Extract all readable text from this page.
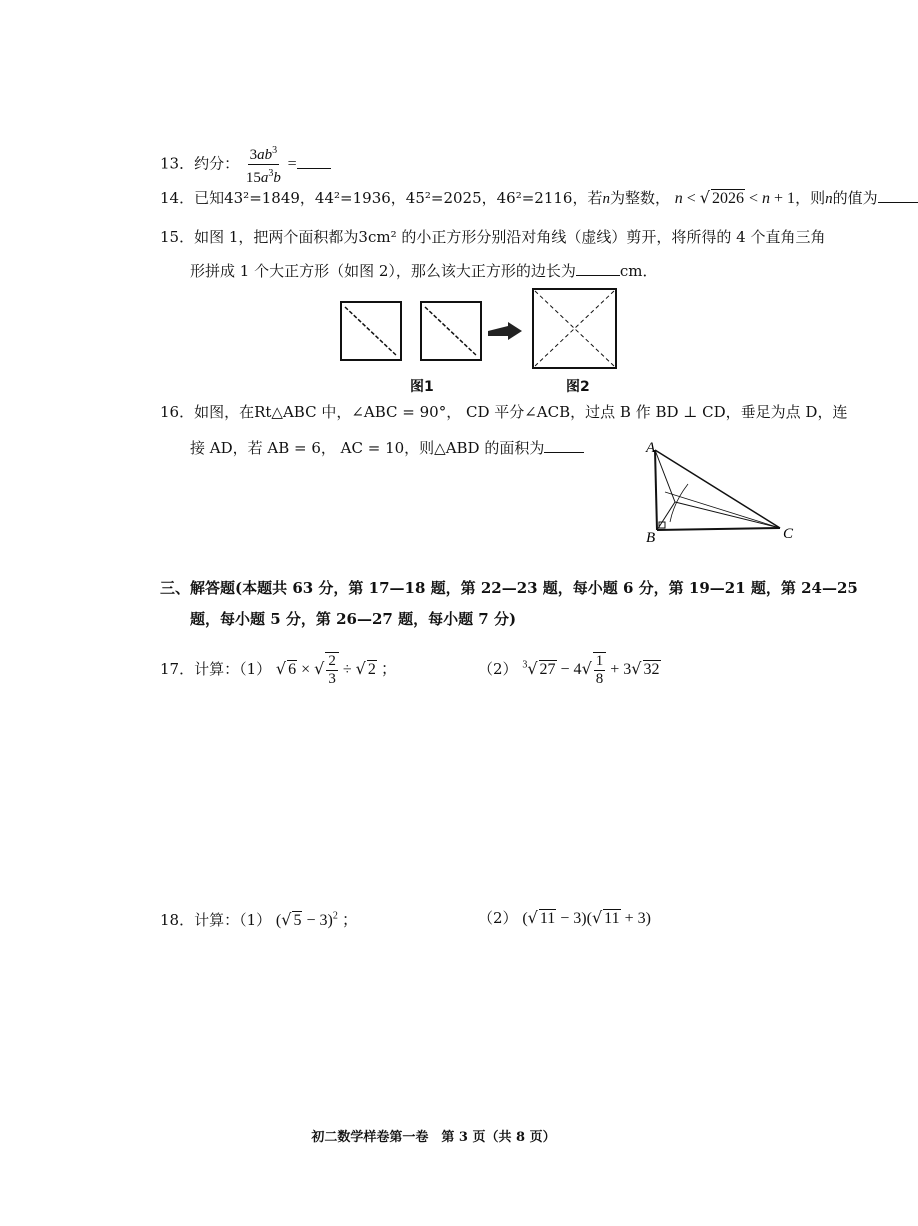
13．约分： $\frac{3ab^3}{15a^3b}$ =
14．已知43²=1849，44²=1936，45²=2025，46²=2116，若n为整数， n < √ 2026 < n + 1，则n的值为
15．如图 1，把两个面积都为3cm² 的小正方形分别沿对角线（虚线）剪开，将所得的 4 个直角三角
形拼成 1 个大正方形（如图 2），那么该大正方形的边长为	cm．
图1	图2
16．如图，在Rt△ABC 中，∠ABC = 90°， CD 平分∠ACB，过点 B 作 BD ⊥ CD，垂足为点 D，连
接 AD，若 AB = 6， AC = 10，则△ABD 的面积为	A
B	C
三、解答题(本题共 63 分，第 17—18 题，第 22—23 题，每小题 6 分，第 19—21 题，第 24—25
题，每小题 5 分，第 26—27 题，每小题 7 分)
17．计算：（1） √ 6 × √ $\frac{2}{3}$ ÷ √ 2 ；	（2） $^3$√ $27 - 4√ \frac{1}{8} + 3√$ 32
18．计算：（1） (√ 5 − 3)$^2$ ；	（2） (√ 11 − 3)(√ 11 + 3)
初二数学样卷第一卷　第 3 页（共 8 页）
